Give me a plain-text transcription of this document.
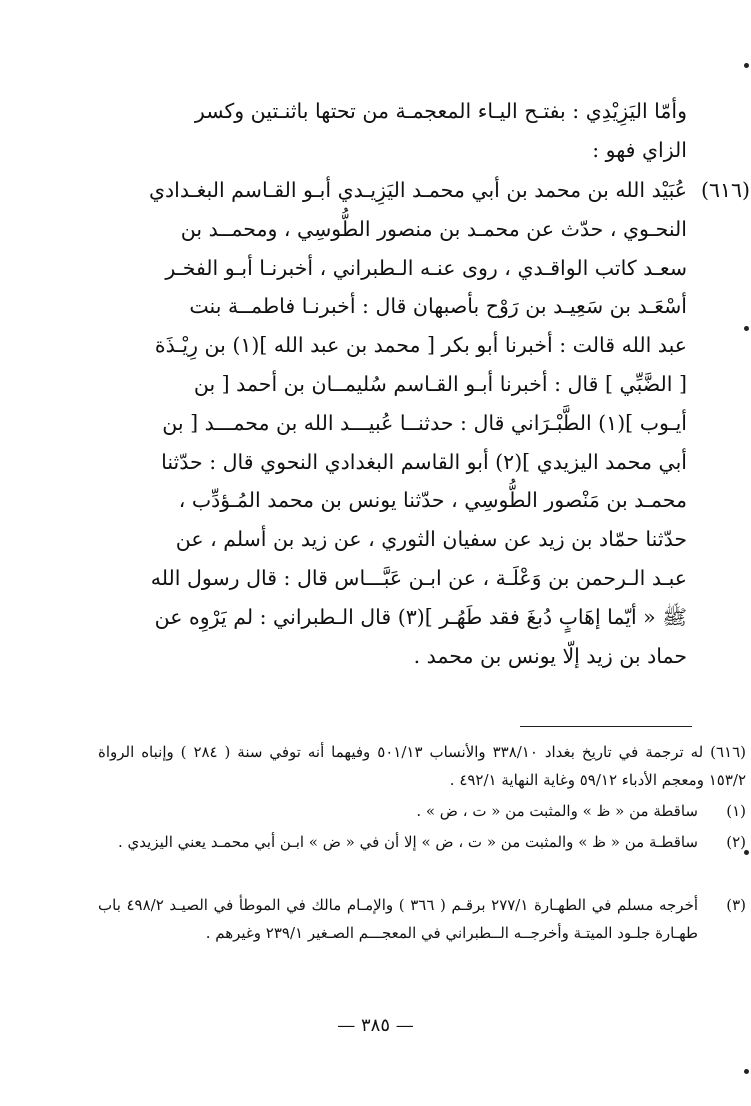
وأمّا اليَزِيْدِي : بفتـح اليـاء المعجمـة من تحتها باثنـتين وكسر
الزاي فهو :
(٦١٦)
عُبَيْد الله بن محمد بن أبي محمـد اليَزِيـدي أبـو القـاسم البغـدادي
النحـوي ، حدّث عن محمـد بن منصور الطُّوسِي ، ومحمــد بن
سعـد كاتب الواقـدي ، روى عنـه الـطبراني ، أخبرنـا أبـو الفخـر
أسْعَـد بن سَعِيـد بن رَوْح بأصبهان قال : أخبرنـا فاطمــة بنت
عبد الله قالت : أخبرنا أبو بكر [ محمد بن عبد الله ](١) بن رِيْـذَة
[ الضَّبِّي ] قال : أخبرنا أبـو القـاسم سُليمــان بن أحمد [ بن
أيـوب ](١) الطَّبْـرَاني قال : حدثنــا عُبيـــد الله بن محمـــد [ بن
أبي محمد اليزيدي ](٢) أبو القاسم البغدادي النحوي قال : حدّثنا
محمـد بن مَنْصور الطُّوسِي ، حدّثنا يونس بن محمد المُـؤدِّب ،
حدّثنا حمّاد بن زيد عن سفيان الثوري ، عن زيد بن أسلم ، عن
عبـد الـرحمن بن وَعْلَـة ، عن ابـن عَبَّـــاس قال : قال رسول الله
ﷺ « أيّما إهَابٍ دُبغَ فقد طَهُـر ](٣) قال الـطبراني : لم يَرْوِه عن
حماد بن زيد إلّا يونس بن محمد .
(٦١٦) له ترجمة في تاريخ بغداد ٣٣٨/١٠ والأنساب ٥٠١/١٣ وفيهما أنه توفي سنة ( ٢٨٤ ) وإنباه الرواة ١٥٣/٢ ومعجم الأدباء ٥٩/١٢ وغاية النهاية ٤٩٢/١ .
(١)
ساقطة من « ظ » والمثبت من « ت ، ض » .
(٢)
ساقطـة من « ظ » والمثبت من « ت ، ض » إلا أن في « ض » ابـن أبي محمـد يعني اليزيدي .
(٣)
أخرجه مسلم في الطهـارة ٢٧٧/١ برقـم ( ٣٦٦ ) والإمـام مالك في الموطأ في الصيـد ٤٩٨/٢ باب طهـارة جلـود الميتـة وأخرجــه الــطبراني في المعجـــم الصـغير ٢٣٩/١ وغيرهم .
— ٣٨٥ —
